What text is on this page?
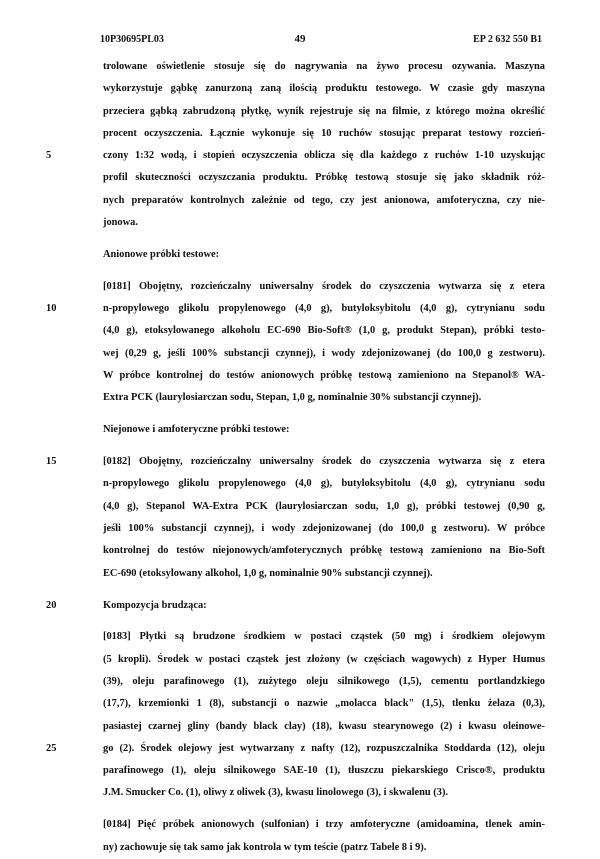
10P30695PL03	49	EP 2 632 550 B1
5
10
15
20
25
trolowane oświetlenie stosuje się do nagrywania na żywo procesu ozywania. Maszyna
wykorzystuje gąbkę zanurzoną zaną ilością produktu testowego. W czasie gdy maszyna
przeciera gąbką zabrudzoną płytkę, wynik rejestruje się na filmie, z którego można określić
procent oczyszczenia. Łącznie wykonuje się 10 ruchów stosując preparat testowy rozcień-
czony 1:32 wodą, i stopień oczyszczenia oblicza się dla każdego z ruchów 1-10 uzyskując
profil skuteczności oczyszczania produktu. Próbkę testową stosuje się jako składnik róż-
nych preparatów kontrolnych zależnie od tego, czy jest anionowa, amfoteryczna, czy nie-
jonowa.
Anionowe próbki testowe:
[0181] Obojętny, rozcieńczalny uniwersalny środek do czyszczenia wytwarza się z etera
n-propylowego glikolu propylenowego (4,0 g), butyloksybitolu (4,0 g), cytrynianu sodu
(4,0 g), etoksylowanego alkoholu EC-690 Bio-Soft® (1,0 g, produkt Stepan), próbki testo-
wej (0,29 g, jeśli 100% substancji czynnej), i wody zdejonizowanej (do 100,0 g zestworu).
W próbce kontrolnej do testów anionowych próbkę testową zamieniono na Stepanol® WA-
Extra PCK (laurylosiarczan sodu, Stepan, 1,0 g, nominalnie 30% substancji czynnej).
Niejonowe i amfoteryczne próbki testowe:
[0182] Obojętny, rozcieńczalny uniwersalny środek do czyszczenia wytwarza się z etera
n-propylowego glikolu propylenowego (4,0 g), butyloksybitolu (4,0 g), cytrynianu sodu
(4,0 g), Stepanol WA-Extra PCK (laurylosiarczan sodu, 1,0 g), próbki testowej (0,90 g,
jeśli 100% substancji czynnej), i wody zdejonizowanej (do 100,0 g zestworu). W próbce
kontrolnej do testów niejonowych/amfoterycznych próbkę testową zamieniono na Bio-Soft
EC-690 (etoksylowany alkohol, 1,0 g, nominalnie 90% substancji czynnej).
Kompozycja brudząca:
[0183] Płytki są brudzone środkiem w postaci cząstek (50 mg) i środkiem olejowym
(5 kropli). Środek w postaci cząstek jest złożony (w częściach wagowych) z Hyper Humus
(39), oleju parafinowego (1), zużytego oleju silnikowego (1,5), cementu portlandzkiego
(17,7), krzemionki 1 (8), substancji o nazwie „molacca black" (1,5), tlenku żelaza (0,3),
pasiastej czarnej gliny (bandy black clay) (18), kwasu stearynowego (2) i kwasu oleinowe-
go (2). Środek olejowy jest wytwarzany z nafty (12), rozpuszczalnika Stoddarda (12), oleju
parafinowego (1), oleju silnikowego SAE-10 (1), tłuszczu piekarskiego Crisco®, produktu
J.M. Smucker Co. (1), oliwy z oliwek (3), kwasu linolowego (3), i skwalenu (3).
[0184] Pięć próbek anionowych (sulfonian) i trzy amfoteryczne (amidoamina, tlenek amin-
ny) zachowuje się tak samo jak kontrola w tym teście (patrz Tabele 8 i 9).
